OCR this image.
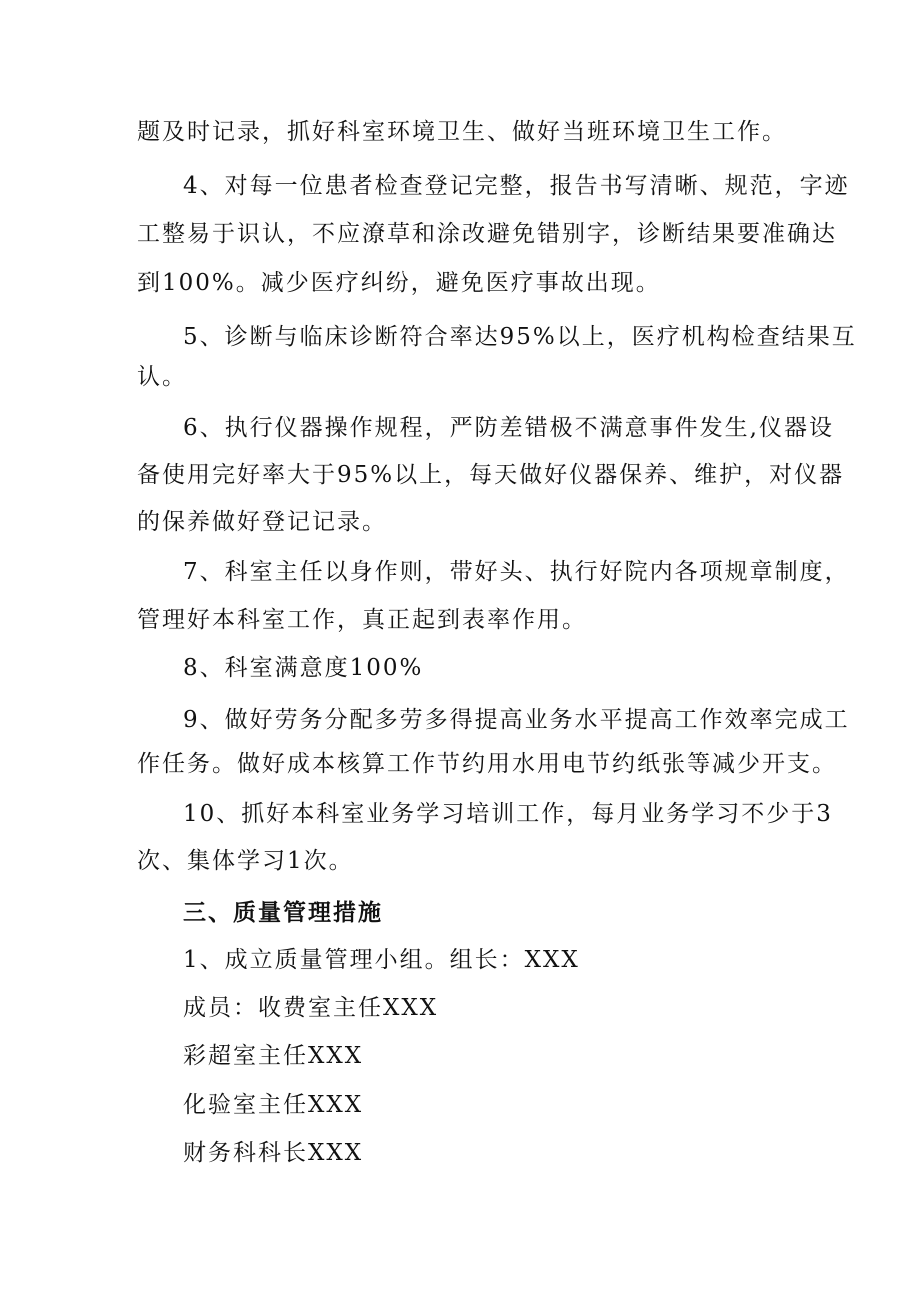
题及时记录，抓好科室环境卫生、做好当班环境卫生工作。
4、对每一位患者检查登记完整，报告书写清晰、规范，字迹
工整易于识认，不应潦草和涂改避免错别字，诊断结果要准确达
到100%。减少医疗纠纷，避免医疗事故出现。
5、诊断与临床诊断符合率达95%以上，医疗机构检查结果互
认。
6、执行仪器操作规程，严防差错极不满意事件发生,仪器设
备使用完好率大于95%以上，每天做好仪器保养、维护，对仪器
的保养做好登记记录。
7、科室主任以身作则，带好头、执行好院内各项规章制度，
管理好本科室工作，真正起到表率作用。
8、科室满意度100%
9、做好劳务分配多劳多得提高业务水平提高工作效率完成工
作任务。做好成本核算工作节约用水用电节约纸张等减少开支。
10、抓好本科室业务学习培训工作，每月业务学习不少于3
次、集体学习1次。
三、质量管理措施
1、成立质量管理小组。组长：XXX
成员：收费室主任XXX
彩超室主任XXX
化验室主任XXX
财务科科长XXX
